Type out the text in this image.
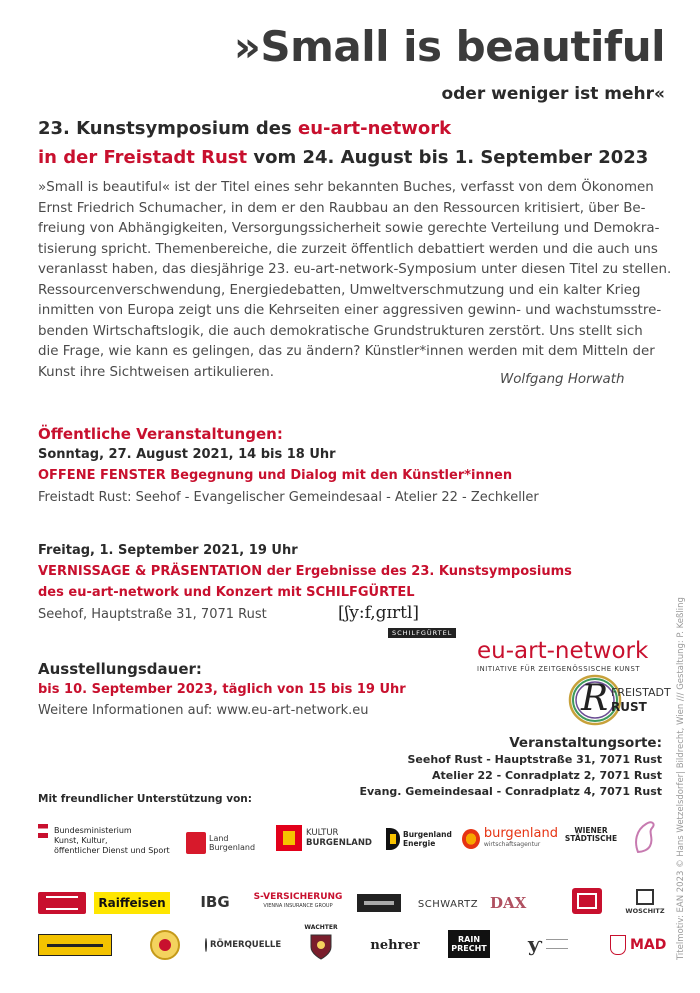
»Small is beautiful
oder weniger ist mehr«
23. Kunstsymposium des eu-art-network
in der Freistadt Rust vom 24. August bis 1. September 2023
»Small is beautiful« ist der Titel eines sehr bekannten Buches, verfasst von dem Ökonomen
Ernst Friedrich Schumacher, in dem er den Raubbau an den Ressourcen kritisiert, über Be-
freiung von Abhängigkeiten, Versorgungssicherheit sowie gerechte Verteilung und Demokra-
tisierung spricht. Themenbereiche, die zurzeit öffentlich debattiert werden und die auch uns
veranlasst haben, das diesjährige 23. eu-art-network-Symposium unter diesen Titel zu stellen.
Ressourcenverschwendung, Energiedebatten, Umweltverschmutzung und ein kalter Krieg
inmitten von Europa zeigt uns die Kehrseiten einer aggressiven gewinn- und wachstumsstre-
benden Wirtschaftslogik, die auch demokratische Grundstrukturen zerstört. Uns stellt sich
die Frage, wie kann es gelingen, das zu ändern? Künstler*innen werden mit dem Mitteln der
Kunst ihre Sichtweisen artikulieren.	Wolfgang Horwath
Öffentliche Veranstaltungen:
Sonntag, 27. August 2021, 14 bis 18 Uhr
OFFENE FENSTER Begegnung und Dialog mit den Künstler*innen
Freistadt Rust: Seehof - Evangelischer Gemeindesaal - Atelier 22 - Zechkeller
Freitag, 1. September 2021, 19 Uhr
VERNISSAGE & PRÄSENTATION der Ergebnisse des 23. Kunstsymposiums
des eu-art-network und Konzert mit SCHILFGÜRTEL
Seehof, Hauptstraße 31, 7071 Rust	[ʃy:f,gɪrtl]
SCHILFGÜRTEL
Ausstellungsdauer:
bis 10. September 2023, täglich von 15 bis 19 Uhr
Weitere Informationen auf: www.eu-art-network.eu
eu-art-network
INITIATIVE FÜR ZEITGENÖSSISCHE KUNST
R FREISTADT
RUST
Veranstaltungsorte:
Seehof Rust - Hauptstraße 31, 7071 Rust
Atelier 22 - Conradplatz 2, 7071 Rust
Evang. Gemeindesaal - Conradplatz 4, 7071 Rust
Mit freundlicher Unterstützung von:
Bundesministerium
Kunst, Kultur,
öffentlicher Dienst und Sport
Land
Burgenland
KULTUR
BURGENLAND
Burgenland
Energie
burgenland
wirtschaftsagentur
WIENER
STÄDTISCHE
Raiffeisen	IBG	S-VERSICHERUNG
VIENNA INSURANCE GROUP	SCHWARTZ DAX	WOSCHITZ
RÖMERQUELLE
WACHTER
nehrer	RAIN
PRECHT ƴ	MAD Titelmotiv: EAN 2023 © Hans Wetzelsdorfer| Bildrecht, Wien /// Gestaltung: P. Keßling
